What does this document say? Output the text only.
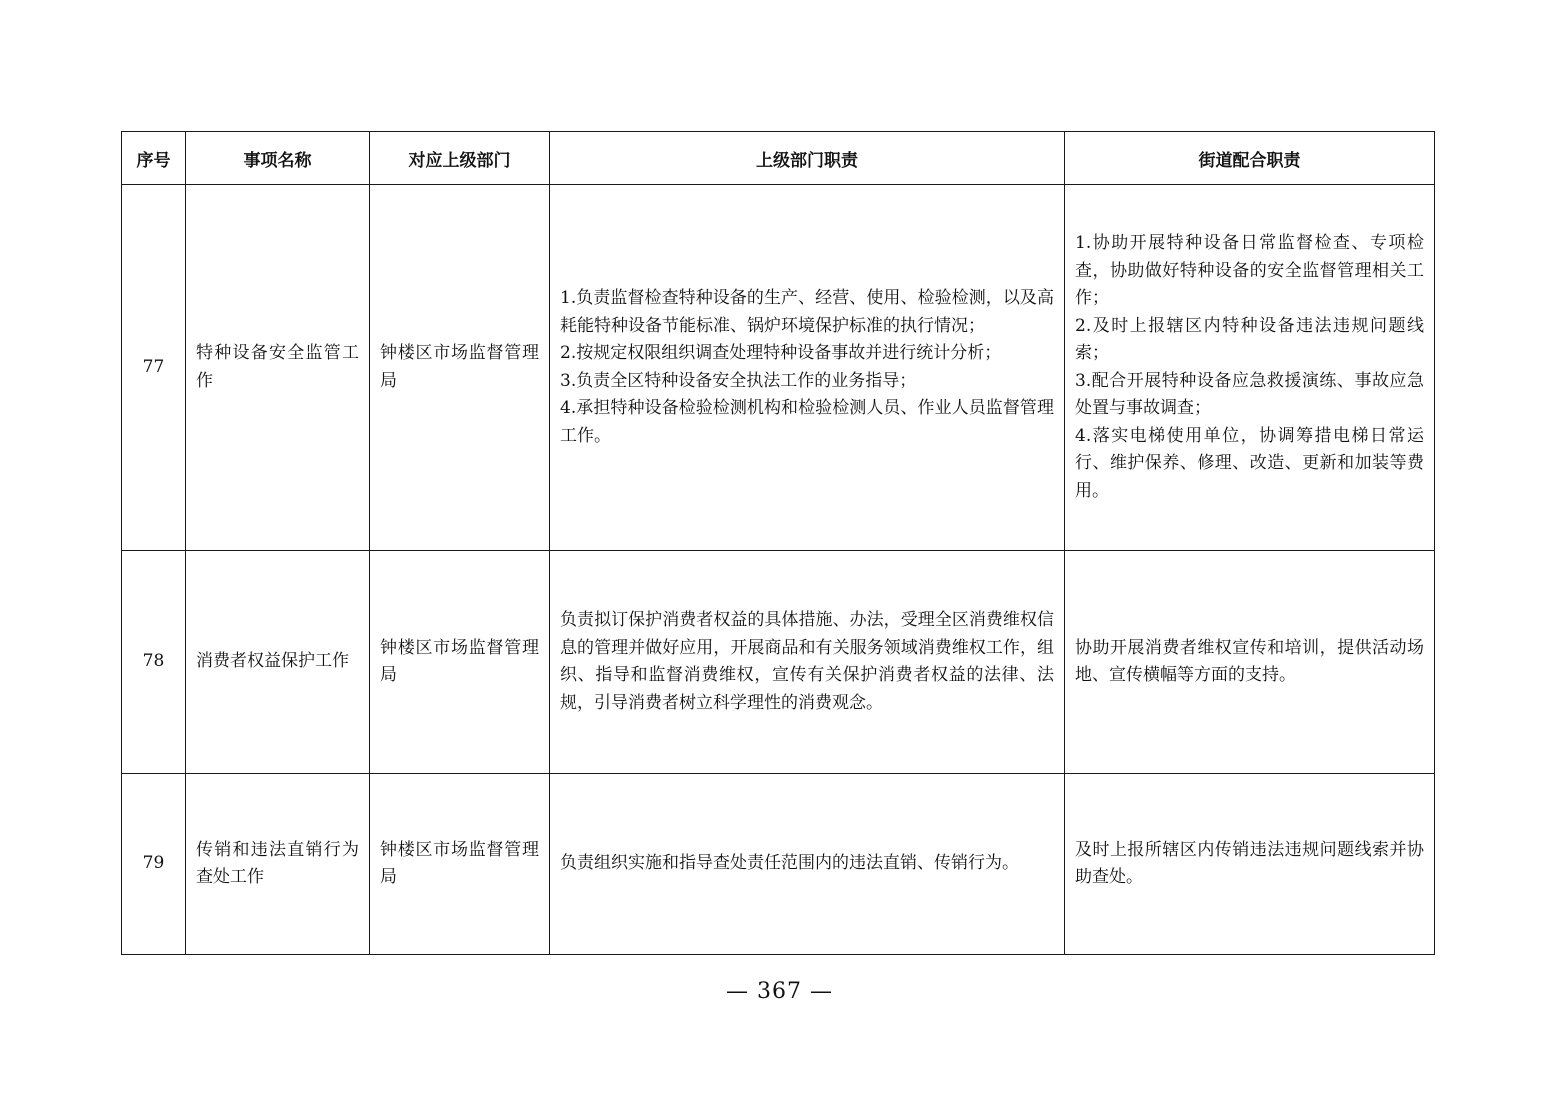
序号	事项名称	对应上级部门	上级部门职责	街道配合职责
77	特种设备安全监管工作	钟楼区市场监督管理局	1.负责监督检查特种设备的生产、经营、使用、检验检测，以及高耗能特种设备节能标准、锅炉环境保护标准的执行情况；
2.按规定权限组织调查处理特种设备事故并进行统计分析；
3.负责全区特种设备安全执法工作的业务指导；
4.承担特种设备检验检测机构和检验检测人员、作业人员监督管理工作。	1.协助开展特种设备日常监督检查、专项检查，协助做好特种设备的安全监督管理相关工作；
2.及时上报辖区内特种设备违法违规问题线索；
3.配合开展特种设备应急救援演练、事故应急处置与事故调查；
4.落实电梯使用单位，协调筹措电梯日常运行、维护保养、修理、改造、更新和加装等费用。

78	消费者权益保护工作	钟楼区市场监督管理局	负责拟订保护消费者权益的具体措施、办法，受理全区消费维权信息的管理并做好应用，开展商品和有关服务领域消费维权工作，组织、指导和监督消费维权，宣传有关保护消费者权益的法律、法规，引导消费者树立科学理性的消费观念。	协助开展消费者维权宣传和培训，提供活动场地、宣传横幅等方面的支持。
79	传销和违法直销行为查处工作	钟楼区市场监督管理局	负责组织实施和指导查处责任范围内的违法直销、传销行为。	及时上报所辖区内传销违法违规问题线索并协助查处。
— 367 —
